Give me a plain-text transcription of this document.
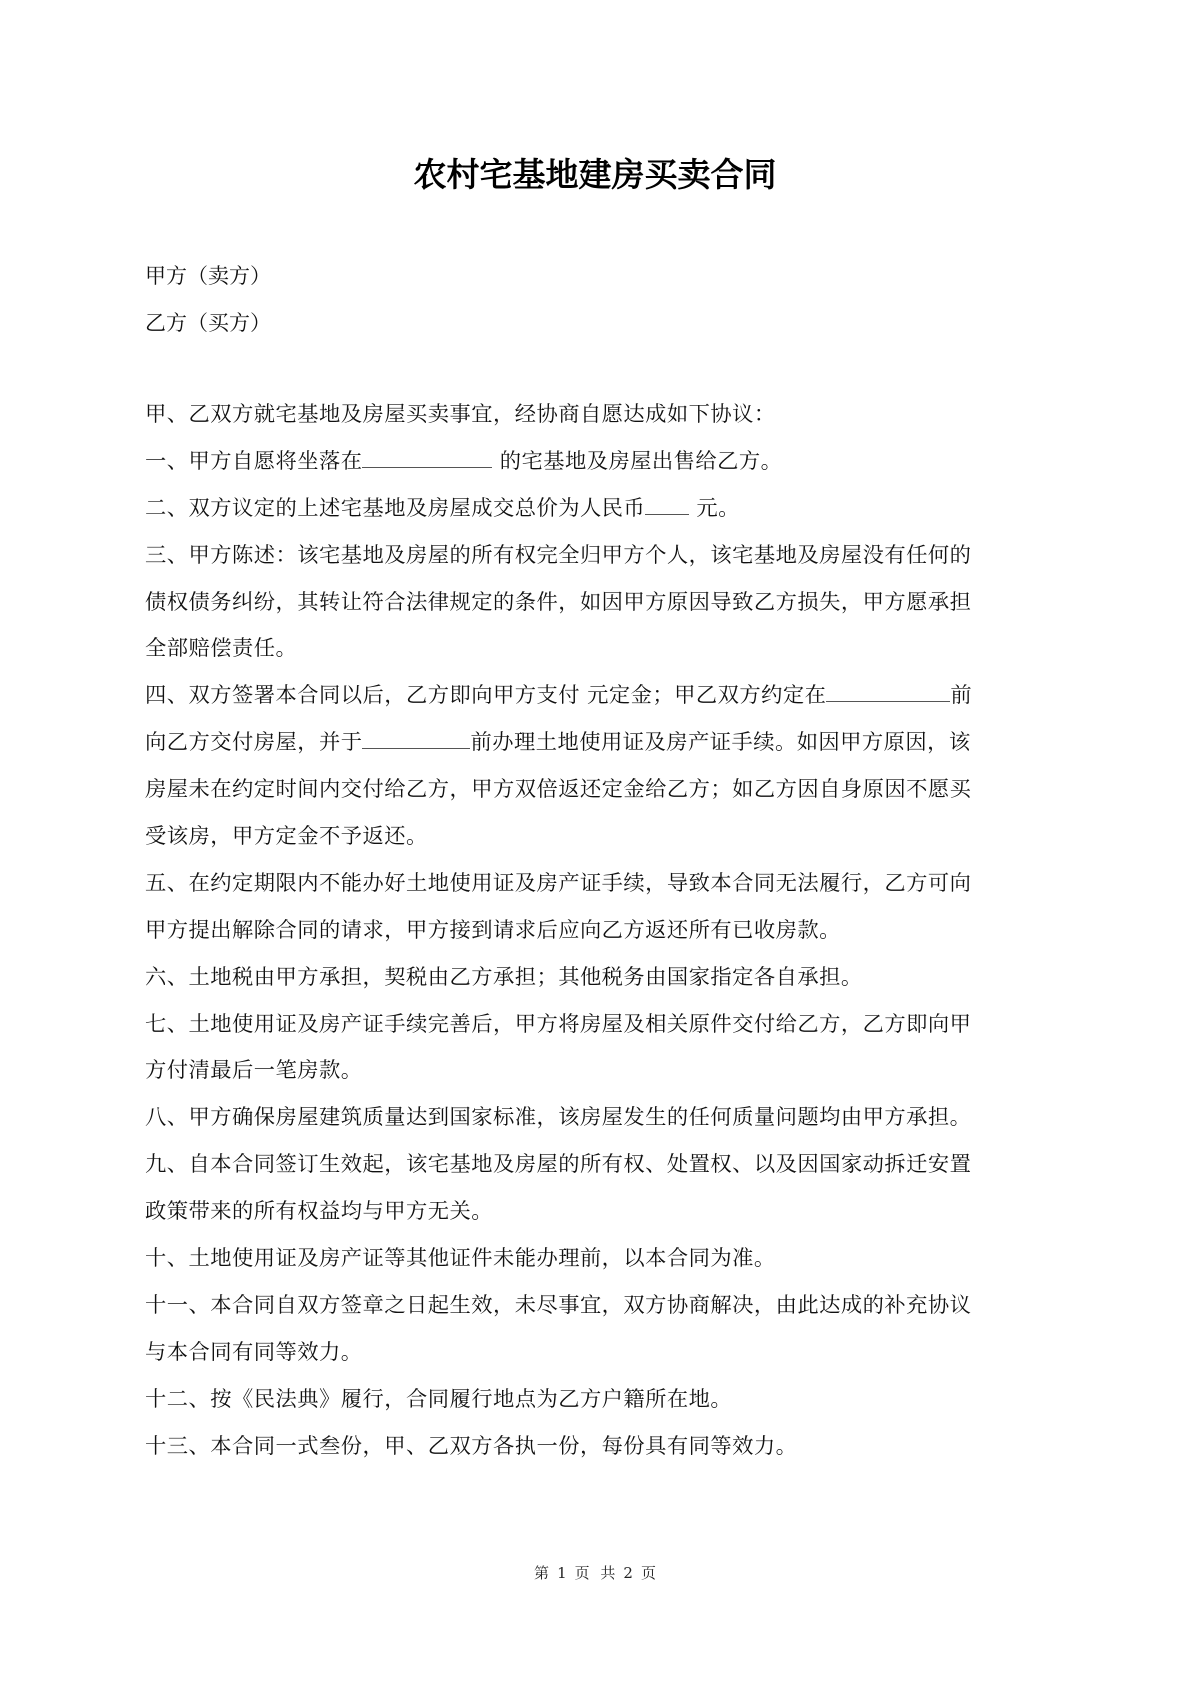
农村宅基地建房买卖合同
甲方（卖方）
乙方（买方）
甲、乙双方就宅基地及房屋买卖事宜，经协商自愿达成如下协议：
一、甲方自愿将坐落在	的宅基地及房屋出售给乙方。
二、双方议定的上述宅基地及房屋成交总价为人民币 元。
三、甲方陈述：该宅基地及房屋的所有权完全归甲方个人，该宅基地及房屋没有任何的
债权债务纠纷，其转让符合法律规定的条件，如因甲方原因导致乙方损失，甲方愿承担
全部赔偿责任。
四、双方签署本合同以后，乙方即向甲方支付 元定金；甲乙双方约定在	前
向乙方交付房屋，并于	前办理土地使用证及房产证手续。如因甲方原因，该
房屋未在约定时间内交付给乙方，甲方双倍返还定金给乙方；如乙方因自身原因不愿买
受该房，甲方定金不予返还。
五、在约定期限内不能办好土地使用证及房产证手续，导致本合同无法履行，乙方可向
甲方提出解除合同的请求，甲方接到请求后应向乙方返还所有已收房款。
六、土地税由甲方承担，契税由乙方承担；其他税务由国家指定各自承担。
七、土地使用证及房产证手续完善后，甲方将房屋及相关原件交付给乙方，乙方即向甲
方付清最后一笔房款。
八、甲方确保房屋建筑质量达到国家标准，该房屋发生的任何质量问题均由甲方承担。
九、自本合同签订生效起，该宅基地及房屋的所有权、处置权、以及因国家动拆迁安置
政策带来的所有权益均与甲方无关。
十、土地使用证及房产证等其他证件未能办理前，以本合同为准。
十一、本合同自双方签章之日起生效，未尽事宜，双方协商解决，由此达成的补充协议
与本合同有同等效力。
十二、按《民法典》履行，合同履行地点为乙方户籍所在地。
十三、本合同一式叁份，甲、乙双方各执一份，每份具有同等效力。
第 1 页 共 2 页
